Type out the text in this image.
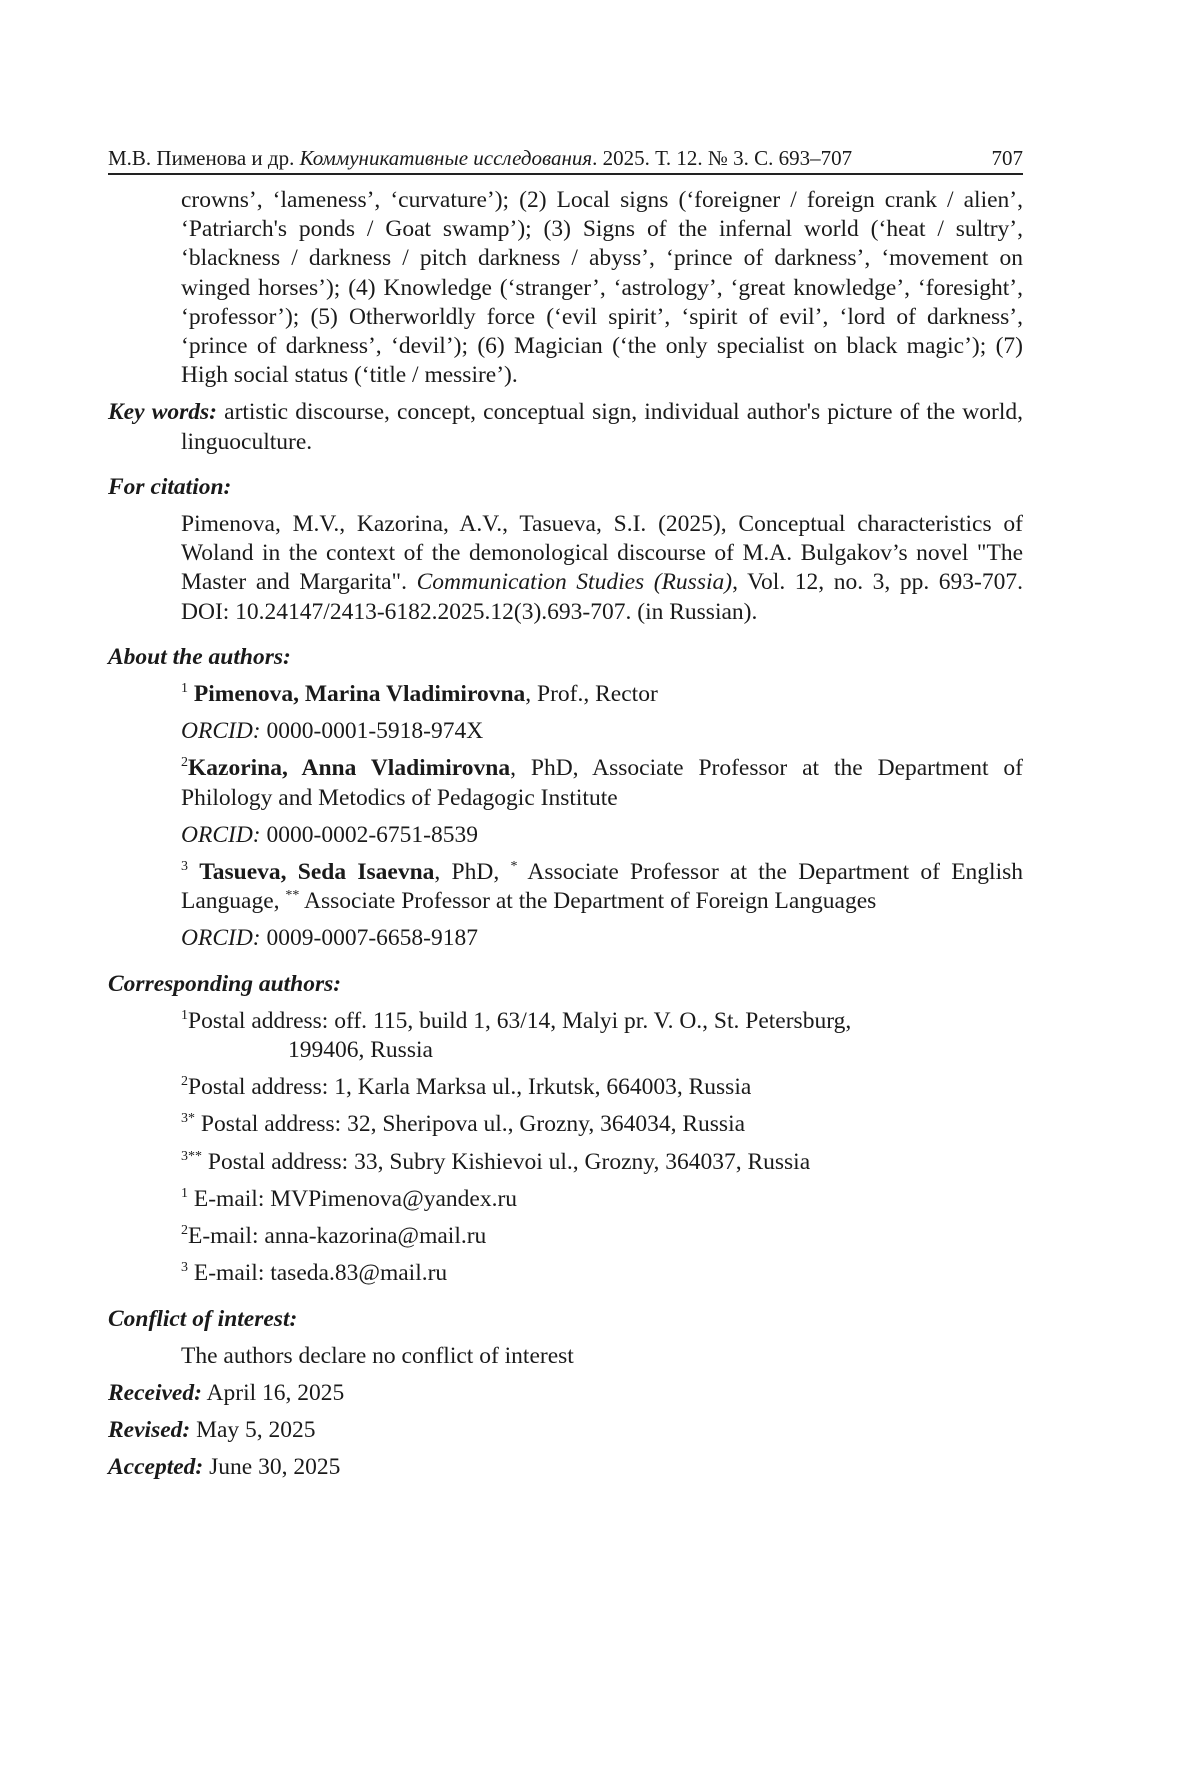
М.В. Пименова и др. Коммуникативные исследования. 2025. Т. 12. № 3. С. 693–707	707

crowns’, ‘lameness’, ‘curvature’); (2) Local signs (‘foreigner / foreign crank / alien’, ‘Patriarch's ponds / Goat swamp’); (3) Signs of the infernal world (‘heat / sultry’, ‘blackness / darkness / pitch darkness / abyss’, ‘prince of darkness’, ‘movement on winged horses’); (4) Knowledge (‘stranger’, ‘astrology’, ‘great knowledge’, ‘foresight’, ‘professor’); (5) Otherworldly force (‘evil spirit’, ‘spirit of evil’, ‘lord of darkness’, ‘prince of darkness’, ‘devil’); (6) Magician (‘the only specialist on black magic’); (7) High social status (‘title / messire’).

Key words: artistic discourse, concept, conceptual sign, individual author's picture of the world, linguoculture.

For citation:

Pimenova, M.V., Kazorina, A.V., Tasueva, S.I. (2025), Conceptual characteristics of Woland in the context of the demonological discourse of M.A. Bulgakov’s novel "The Master and Margarita". Communication Studies (Russia), Vol. 12, no. 3, pp. 693-707. DOI: 10.24147/2413-6182.2025.12(3).693-707. (in Russian).

About the authors:

$^1$ Pimenova, Marina Vladimirovna, Prof., Rector

ORCID: 0000-0001-5918-974X

$^2$Kazorina, Anna Vladimirovna, PhD, Associate Professor at the Department of Philology and Metodics of Pedagogic Institute

ORCID: 0000-0002-6751-8539

$^3$ Tasueva, Seda Isaevna, PhD, * Associate Professor at the Department of English Language, ** Associate Professor at the Department of Foreign Languages

ORCID: 0009-0007-6658-9187

Corresponding authors:

$^1$Postal address: off. 115, build 1, 63/14, Malyi pr. V. O., St. Petersburg,

199406, Russia

$^2$Postal address: 1, Karla Marksa ul., Irkutsk, 664003, Russia

$^{3*}$ Postal address: 32, Sheripova ul., Grozny, 364034, Russia

$^{3**}$ Postal address: 33, Subry Kishievoi ul., Grozny, 364037, Russia

$^1$ E-mail: MVPimenova@yandex.ru

$^2$E-mail: anna-kazorina@mail.ru

$^3$ E-mail: taseda.83@mail.ru

Conflict of interest:

The authors declare no conflict of interest

Received: April 16, 2025

Revised: May 5, 2025

Accepted: June 30, 2025
